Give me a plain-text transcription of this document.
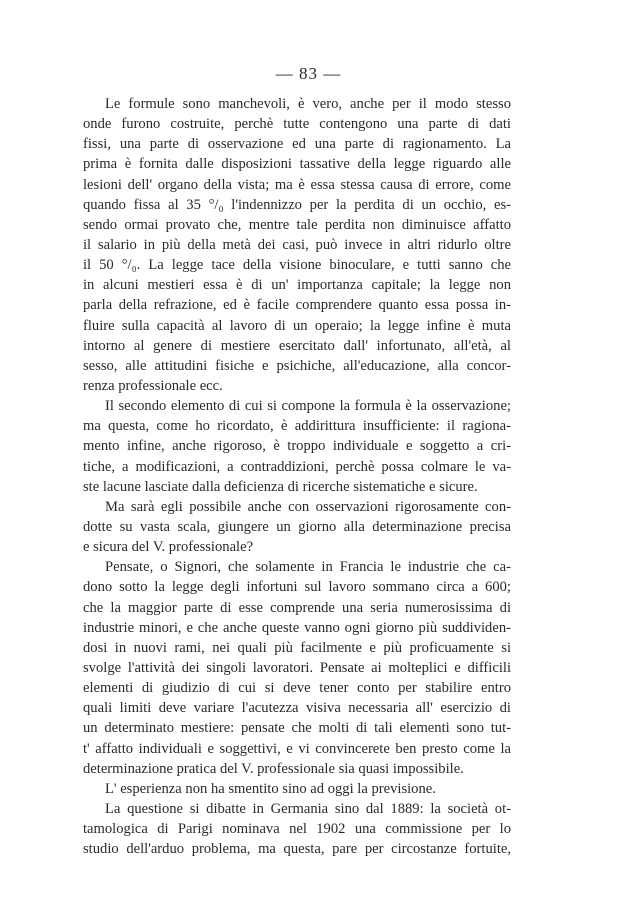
— 83 —
Le formule sono manchevoli, è vero, anche per il modo stesso
onde furono costruite, perchè tutte contengono una parte di dati
fissi, una parte di osservazione ed una parte di ragionamento. La
prima è fornita dalle disposizioni tassative della legge riguardo alle
lesioni dell' organo della vista; ma è essa stessa causa di errore, come
quando fissa al 35 °/₀ l'indennizzo per la perdita di un occhio, es-
sendo ormai provato che, mentre tale perdita non diminuisce affatto
il salario in più della metà dei casi, può invece in altri ridurlo oltre
il 50 °/₀. La legge tace della visione binoculare, e tutti sanno che
in alcuni mestieri essa è di un' importanza capitale; la legge non
parla della refrazione, ed è facile comprendere quanto essa possa in-
fluire sulla capacità al lavoro di un operaio; la legge infine è muta
intorno al genere di mestiere esercitato dall' infortunato, all'età, al
sesso, alle attitudini fisiche e psichiche, all'educazione, alla concor-
renza professionale ecc.
Il secondo elemento di cui si compone la formula è la osservazione;
ma questa, come ho ricordato, è addirittura insufficiente: il ragiona-
mento infine, anche rigoroso, è troppo individuale e soggetto a cri-
tiche, a modificazioni, a contraddizioni, perchè possa colmare le va-
ste lacune lasciate dalla deficienza di ricerche sistematiche e sicure.
Ma sarà egli possibile anche con osservazioni rigorosamente con-
dotte su vasta scala, giungere un giorno alla determinazione precisa
e sicura del V. professionale?
Pensate, o Signori, che solamente in Francia le industrie che ca-
dono sotto la legge degli infortuni sul lavoro sommano circa a 600;
che la maggior parte di esse comprende una seria numerosissima di
industrie minori, e che anche queste vanno ogni giorno più suddividen-
dosi in nuovi rami, nei quali più facilmente e più proficuamente si
svolge l'attività dei singoli lavoratori. Pensate ai molteplici e difficili
elementi di giudizio di cui si deve tener conto per stabilire entro
quali limiti deve variare l'acutezza visiva necessaria all' esercizio di
un determinato mestiere: pensate che molti di tali elementi sono tut-
t' affatto individuali e soggettivi, e vi convincerete ben presto come la
determinazione pratica del V. professionale sia quasi impossibile.
L' esperienza non ha smentito sino ad oggi la previsione.
La questione si dibatte in Germania sino dal 1889: la società ot-
tamologica di Parigi nominava nel 1902 una commissione per lo
studio dell'arduo problema, ma questa, pare per circostanze fortuite,
